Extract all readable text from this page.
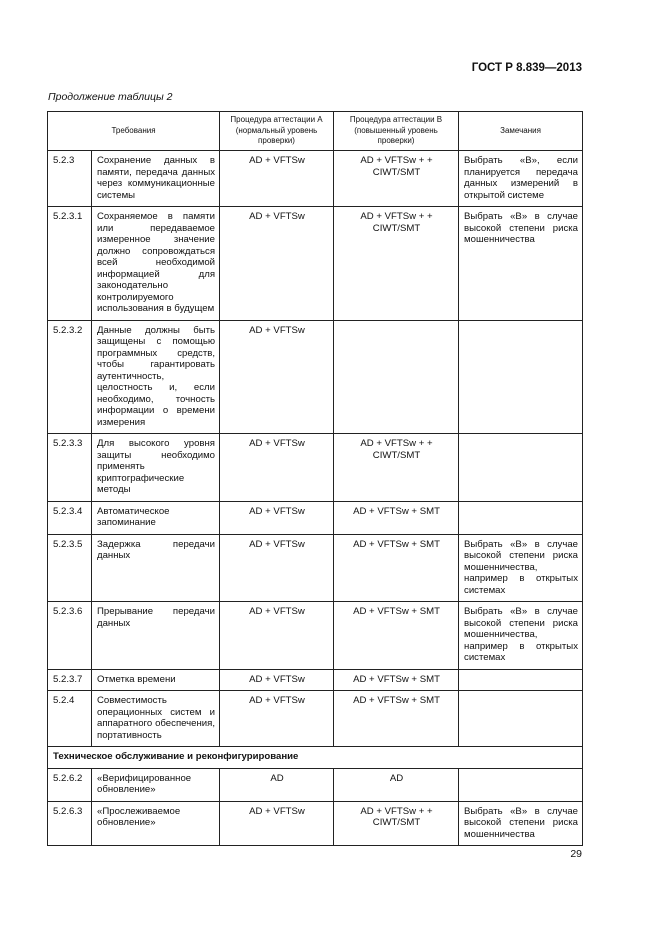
ГОСТ Р 8.839—2013
Продолжение таблицы 2
Требования		Процедура аттестации А (нормальный уровень проверки)	Процедура аттестации В (повышенный уровень проверки)	Замечания
5.2.3	Сохранение данных в памяти, передача данных через коммуникационные системы	AD + VFTSw	AD + VFTSw + + CIWT/SMT	Выбрать «B», если планируется передача данных измерений в открытой системе
5.2.3.1	Сохраняемое в памяти или передаваемое измеренное значение должно сопровождаться всей необходимой информацией для законодательно контролируемого использования в будущем	AD + VFTSw	AD + VFTSw + + CIWT/SMT	Выбрать «B» в случае высокой степени риска мошенничества
5.2.3.2	Данные должны быть защищены с помощью программных средств, чтобы гарантировать аутентичность, целостность и, если необходимо, точность информации о времени измерения	AD + VFTSw		
5.2.3.3	Для высокого уровня защиты необходимо применять криптографические методы	AD + VFTSw	AD + VFTSw + + CIWT/SMT	
5.2.3.4	Автоматическое запоминание	AD + VFTSw	AD + VFTSw + SMT	
5.2.3.5	Задержка передачи данных	AD + VFTSw	AD + VFTSw + SMT	Выбрать «B» в случае высокой степени риска мошенничества, например в открытых системах
5.2.3.6	Прерывание передачи данных	AD + VFTSw	AD + VFTSw + SMT	Выбрать «B» в случае высокой степени риска мошенничества, например в открытых системах
5.2.3.7	Отметка времени	AD + VFTSw	AD + VFTSw + SMT	
5.2.4	Совместимость операционных систем и аппаратного обеспечения, портативность	AD + VFTSw	AD + VFTSw + SMT	
Техническое обслуживание и реконфигурирование				
5.2.6.2	«Верифицированное обновление»	AD	AD	
5.2.6.3	«Прослеживаемое обновление»	AD + VFTSw	AD + VFTSw + + CIWT/SMT	Выбрать «B» в случае высокой степени риска мошенничества
29
